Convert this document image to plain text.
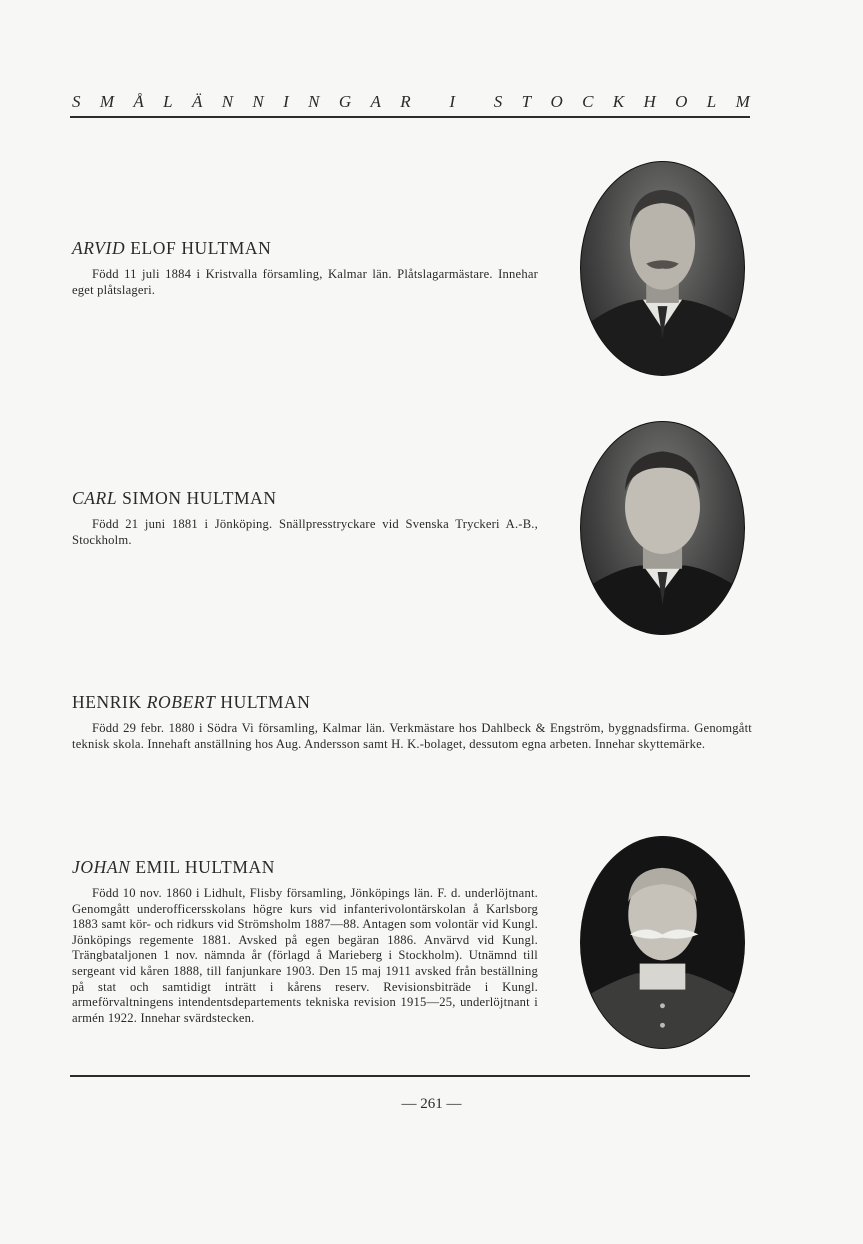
S M Å L Ä N N I N G A R I S T O C K H O L M
ARVID ELOF HULTMAN

Född 11 juli 1884 i Kristvalla församling, Kalmar län. Plåtslagarmästare. Innehar eget plåtslageri.

CARL SIMON HULTMAN

Född 21 juni 1881 i Jönköping. Snällpresstryckare vid Svenska Tryckeri A.-B., Stockholm.

HENRIK ROBERT HULTMAN

Född 29 febr. 1880 i Södra Vi församling, Kalmar län. Verkmästare hos Dahlbeck & Engström, byggnadsfirma. Genomgått teknisk skola. Innehaft anställning hos Aug. Andersson samt H. K.-bolaget, dessutom egna arbeten. Innehar skyttemärke.

JOHAN EMIL HULTMAN

Född 10 nov. 1860 i Lidhult, Flisby församling, Jönköpings län. F. d. underlöjtnant. Genomgått underofficersskolans högre kurs vid infanterivolontärskolan å Karlsborg 1883 samt kör- och ridkurs vid Strömsholm 1887—88. Antagen som volontär vid Kungl. Jönköpings regemente 1881. Avsked på egen begäran 1886. Anvärvd vid Kungl. Trängbataljonen 1 nov. nämnda år (förlagd å Marieberg i Stockholm). Utnämnd till sergeant vid kåren 1888, till fanjunkare 1903. Den 15 maj 1911 avsked från beställning på stat och samtidigt inträtt i kårens reserv. Revisionsbiträde i Kungl. armeförvaltningens intendentsdepartements tekniska revision 1915—25, underlöjtnant i armén 1922. Innehar svärdstecken.

— 261 —
